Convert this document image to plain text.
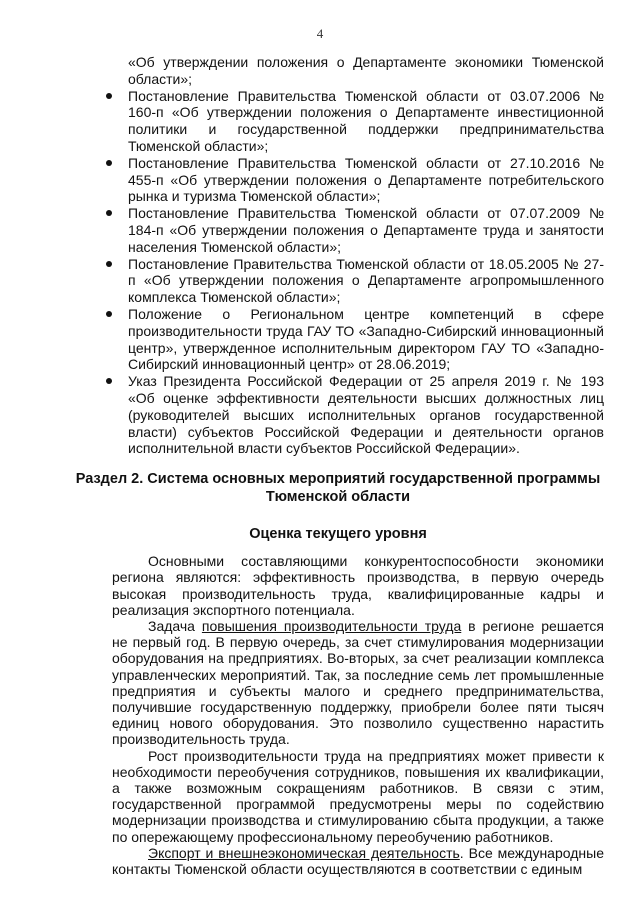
4
«Об утверждении положения о Департаменте экономики Тюменской области»;
Постановление Правительства Тюменской области от 03.07.2006 № 160-п «Об утверждении положения о Департаменте инвестиционной политики и государственной поддержки предпринимательства Тюменской области»;
Постановление Правительства Тюменской области от 27.10.2016 № 455-п «Об утверждении положения о Департаменте потребительского рынка и туризма Тюменской области»;
Постановление Правительства Тюменской области от 07.07.2009 № 184-п «Об утверждении положения о Департаменте труда и занятости населения Тюменской области»;
Постановление Правительства Тюменской области от 18.05.2005 № 27-п «Об утверждении положения о Департаменте агропромышленного комплекса Тюменской области»;
Положение о Региональном центре компетенций в сфере производительности труда ГАУ ТО «Западно-Сибирский инновационный центр», утвержденное исполнительным директором ГАУ ТО «Западно-Сибирский инновационный центр» от 28.06.2019;
Указ Президента Российской Федерации от 25 апреля 2019 г. № 193 «Об оценке эффективности деятельности высших должностных лиц (руководителей высших исполнительных органов государственной власти) субъектов Российской Федерации и деятельности органов исполнительной власти субъектов Российской Федерации».
Раздел 2. Система основных мероприятий государственной программы Тюменской области
Оценка текущего уровня
Основными составляющими конкурентоспособности экономики региона являются: эффективность производства, в первую очередь высокая производительность труда, квалифицированные кадры и реализация экспортного потенциала.
Задача повышения производительности труда в регионе решается не первый год. В первую очередь, за счет стимулирования модернизации оборудования на предприятиях. Во-вторых, за счет реализации комплекса управленческих мероприятий. Так, за последние семь лет промышленные предприятия и субъекты малого и среднего предпринимательства, получившие государственную поддержку, приобрели более пяти тысяч единиц нового оборудования. Это позволило существенно нарастить производительность труда.
Рост производительности труда на предприятиях может привести к необходимости переобучения сотрудников, повышения их квалификации, а также возможным сокращениям работников. В связи с этим, государственной программой предусмотрены меры по содействию модернизации производства и стимулированию сбыта продукции, а также по опережающему профессиональному переобучению работников.
Экспорт и внешнеэкономическая деятельность. Все международные контакты Тюменской области осуществляются в соответствии с единым
